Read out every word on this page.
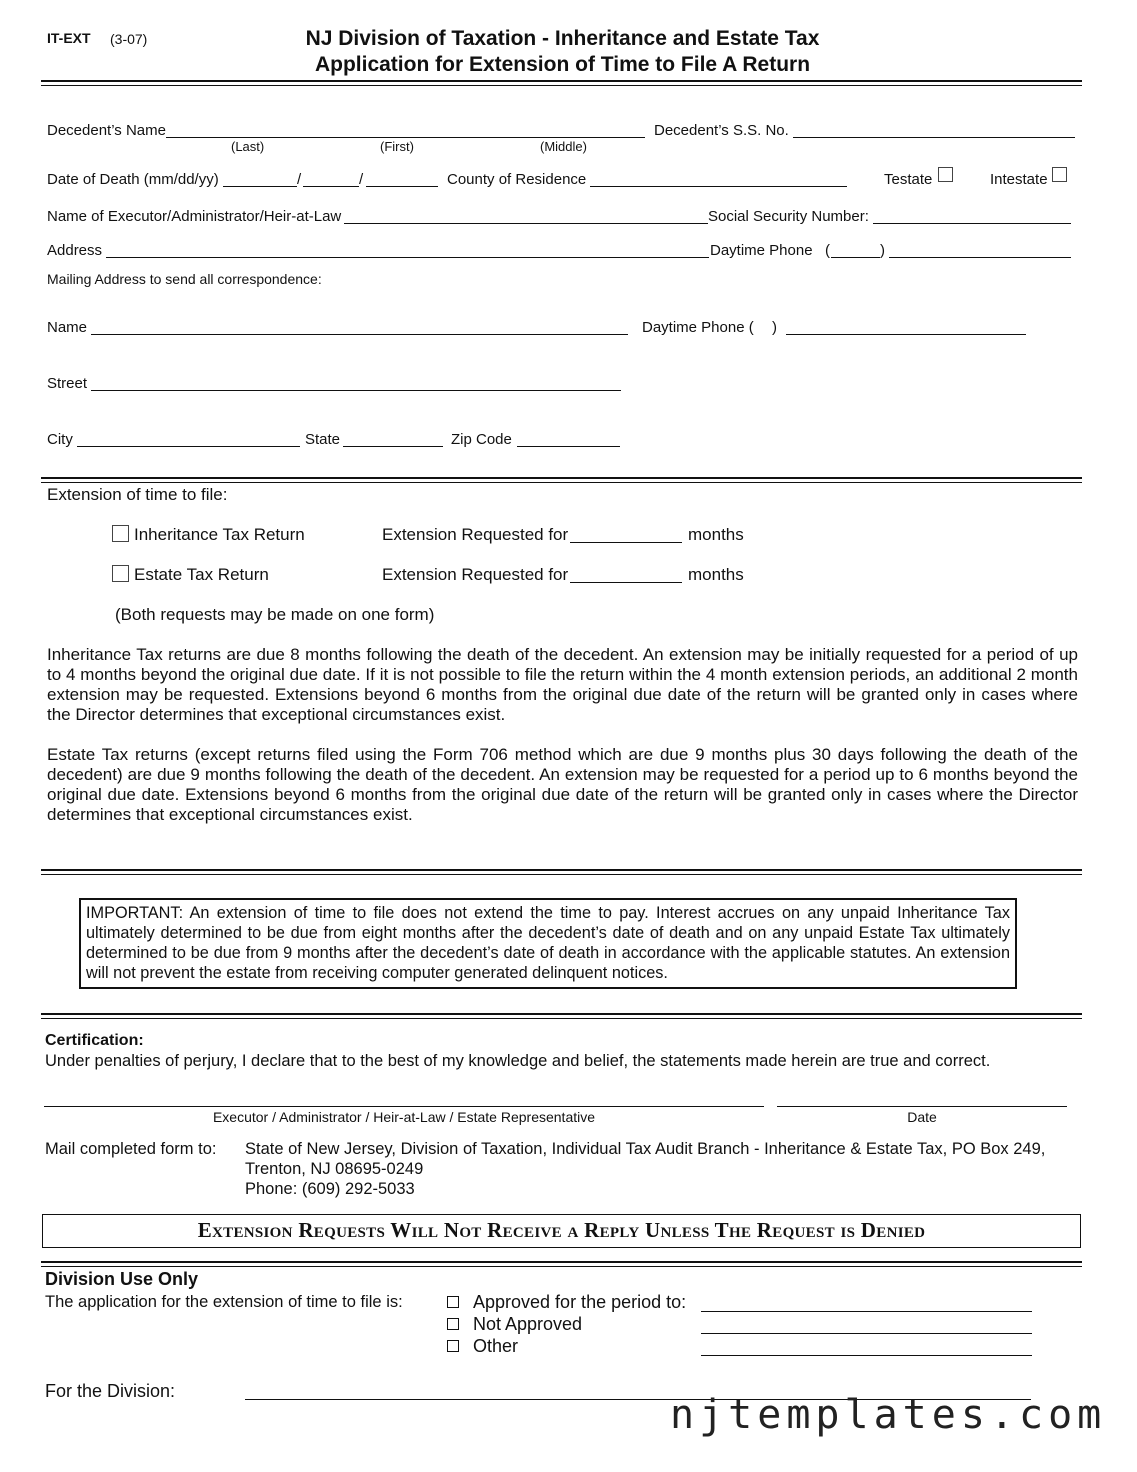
IT-EXT (3-07)	NJ Division of Taxation - Inheritance and Estate Tax
Application for Extension of Time to File A Return
Decedent’s Name
(Last)	(First)	(Middle)
Decedent’s S.S. No.
Date of Death (mm/dd/yy)	/	/	County of Residence	Testate	Intestate
Name of Executor/Administrator/Heir-at-Law	Social Security Number:
Address	Daytime Phone (	)
Mailing Address to send all correspondence:
Name	Daytime Phone ( )
Street
City	State	Zip Code
Extension of time to file:
Inheritance Tax Return	Extension Requested for	months
Estate Tax Return	Extension Requested for	months
(Both requests may be made on one form)
Inheritance Tax returns are due 8 months following the death of the decedent. An extension may be initially requested for a period of up to 4 months beyond the original due date. If it is not possible to file the return within the 4 month extension periods, an additional 2 month extension may be requested. Extensions beyond 6 months from the original due date of the return will be granted only in cases where the Director determines that exceptional circumstances exist.
Estate Tax returns (except returns filed using the Form 706 method which are due 9 months plus 30 days following the death of the decedent) are due 9 months following the death of the decedent. An extension may be requested for a period up to 6 months beyond the original due date. Extensions beyond 6 months from the original due date of the return will be granted only in cases where the Director determines that exceptional circumstances exist.
IMPORTANT: An extension of time to file does not extend the time to pay. Interest accrues on any unpaid Inheritance Tax ultimately determined to be due from eight months after the decedent’s date of death and on any unpaid Estate Tax ultimately determined to be due from 9 months after the decedent’s date of death in accordance with the applicable statutes. An extension will not prevent the estate from receiving computer generated delinquent notices.
Certification:
Under penalties of perjury, I declare that to the best of my knowledge and belief, the statements made herein are true and correct.
Executor / Administrator / Heir-at-Law / Estate Representative	Date
Mail completed form to: State of New Jersey, Division of Taxation, Individual Tax Audit Branch - Inheritance & Estate Tax, PO Box 249,
Trenton, NJ 08695-0249
Phone: (609) 292-5033
Extension Requests Will Not Receive a Reply Unless The Request is Denied
Division Use Only
The application for the extension of time to file is:	Approved for the period to:
Not Approved
Other
For the Division:
njtemplates.com
